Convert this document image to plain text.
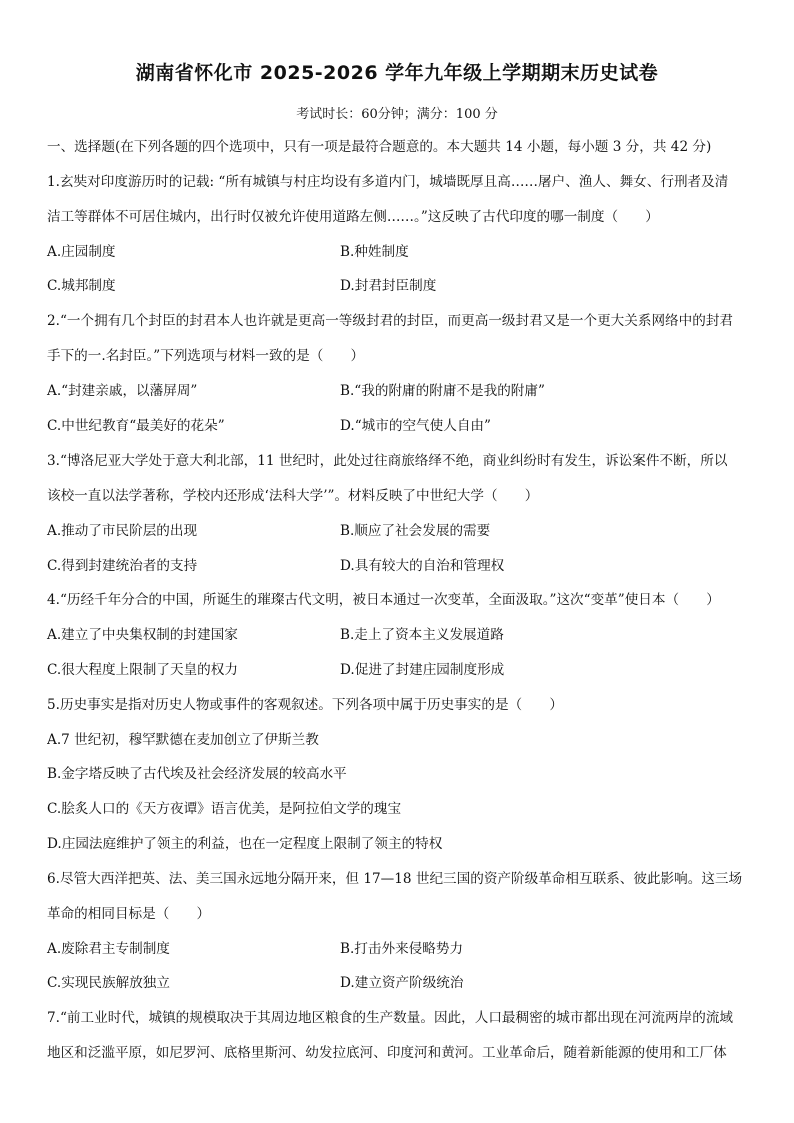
湖南省怀化市 2025-2026 学年九年级上学期期末历史试卷
考试时长：60分钟；满分：100 分
一、选择题(在下列各题的四个选项中，只有一项是最符合题意的。本大题共 14 小题，每小题 3 分，共 42 分)
1.玄奘对印度游历时的记载: “所有城镇与村庄均设有多道内门，城墙既厚且高……屠户、渔人、舞女、行刑者及清
洁工等群体不可居住城内，出行时仅被允许使用道路左侧……。”这反映了古代印度的哪一制度（　　）
A.庄园制度	B.种姓制度
C.城邦制度	D.封君封臣制度
2.“一个拥有几个封臣的封君本人也许就是更高一等级封君的封臣，而更高一级封君又是一个更大关系网络中的封君
手下的一.名封臣。”下列选项与材料一致的是（　　）
A.“封建亲戚，以藩屏周”	B.“我的附庸的附庸不是我的附庸”
C.中世纪教育“最美好的花朵”	D.“城市的空气使人自由”
3.“博洛尼亚大学处于意大利北部，11 世纪时，此处过往商旅络绎不绝，商业纠纷时有发生，诉讼案件不断，所以
该校一直以法学著称，学校内还形成‘法科大学’”。材料反映了中世纪大学（　　）
A.推动了市民阶层的出现	B.顺应了社会发展的需要
C.得到封建统治者的支持	D.具有较大的自治和管理权
4.“历经千年分合的中国，所诞生的璀璨古代文明，被日本通过一次变革，全面汲取。”这次“变革”使日本（　　）
A.建立了中央集权制的封建国家	B.走上了资本主义发展道路
C.很大程度上限制了天皇的权力	D.促进了封建庄园制度形成
5.历史事实是指对历史人物或事件的客观叙述。下列各项中属于历史事实的是（　　）
A.7 世纪初，穆罕默德在麦加创立了伊斯兰教
B.金字塔反映了古代埃及社会经济发展的较高水平
C.脍炙人口的《天方夜谭》语言优美，是阿拉伯文学的瑰宝
D.庄园法庭维护了领主的利益，也在一定程度上限制了领主的特权
6.尽管大西洋把英、法、美三国永远地分隔开来，但 17—18 世纪三国的资产阶级革命相互联系、彼此影响。这三场
革命的相同目标是（　　）
A.废除君主专制制度	B.打击外来侵略势力
C.实现民族解放独立	D.建立资产阶级统治
7.“前工业时代，城镇的规模取决于其周边地区粮食的生产数量。因此，人口最稠密的城市都出现在河流两岸的流域
地区和泛滥平原，如尼罗河、底格里斯河、幼发拉底河、印度河和黄河。工业革命后，随着新能源的使用和工厂体
